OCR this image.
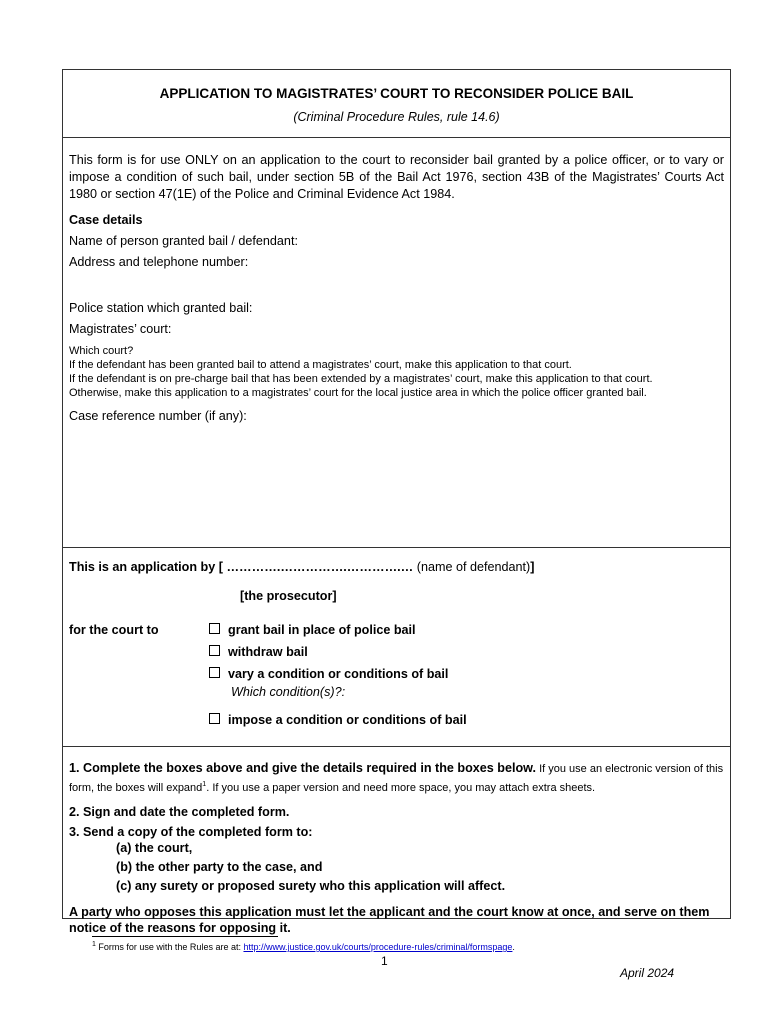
APPLICATION TO MAGISTRATES’ COURT TO RECONSIDER POLICE BAIL
(Criminal Procedure Rules, rule 14.6)
This form is for use ONLY on an application to the court to reconsider bail granted by a police officer, or to vary or impose a condition of such bail, under section 5B of the Bail Act 1976, section 43B of the Magistrates’ Courts Act 1980 or section 47(1E) of the Police and Criminal Evidence Act 1984.
Case details
Name of person granted bail / defendant:
Address and telephone number:
Police station which granted bail:
Magistrates’ court:
Which court?
If the defendant has been granted bail to attend a magistrates’ court, make this application to that court.
If the defendant is on pre-charge bail that has been extended by a magistrates’ court, make this application to that court.
Otherwise, make this application to a magistrates’ court for the local justice area in which the police officer granted bail.
Case reference number (if any):
This is an application by [ ………….…………….………….… (name of defendant)]
[the prosecutor]
for the court to	grant bail in place of police bail
withdraw bail
vary a condition or conditions of bail
Which condition(s)?:
impose a condition or conditions of bail
1. Complete the boxes above and give the details required in the boxes below. If you use an electronic version of this form, the boxes will expand$^1$. If you use a paper version and need more space, you may attach extra sheets.
2. Sign and date the completed form.
3. Send a copy of the completed form to:
(a) the court,
(b) the other party to the case, and
(c) any surety or proposed surety who this application will affect.
A party who opposes this application must let the applicant and the court know at once, and serve on them notice of the reasons for opposing it.
$^1$ Forms for use with the Rules are at: http://www.justice.gov.uk/courts/procedure-rules/criminal/formspage.
1
April 2024
